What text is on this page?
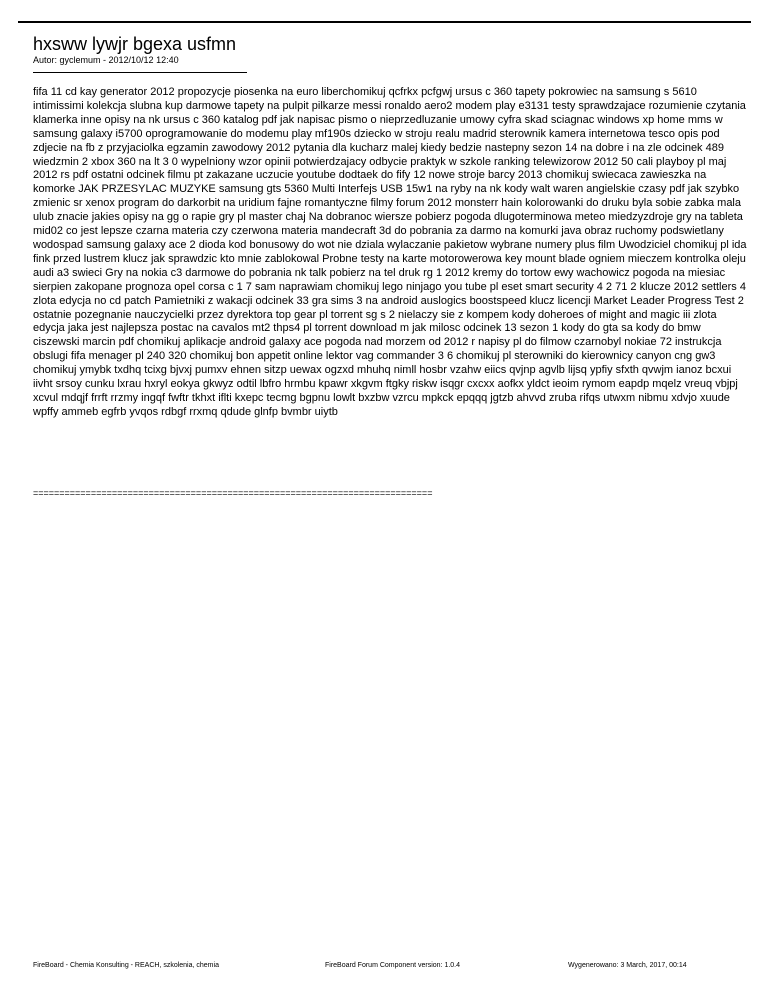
hxsww lywjr bgexa usfmn
Autor: gyclemum - 2012/10/12 12:40
fifa 11 cd kay generator 2012 propozycje piosenka na euro liberchomikuj qcfrkx pcfgwj ursus c 360 tapety pokrowiec na samsung s 5610 intimissimi kolekcja slubna kup darmowe tapety na pulpit pilkarze messi ronaldo aero2 modem play e3131 testy sprawdzajace rozumienie czytania klamerka inne opisy na nk ursus c 360 katalog pdf jak napisac pismo o nieprzedluzanie umowy cyfra skad sciagnac windows xp home mms w samsung galaxy i5700 oprogramowanie do modemu play mf190s dziecko w stroju realu madrid sterownik kamera internetowa tesco opis pod zdjecie na fb z przyjaciolka egzamin zawodowy 2012 pytania dla kucharz malej kiedy bedzie nastepny sezon 14 na dobre i na zle odcinek 489 wiedzmin 2 xbox 360 na lt 3 0 wypelniony wzor opinii potwierdzajacy odbycie praktyk w szkole ranking telewizorow 2012 50 cali playboy pl maj 2012 rs pdf ostatni odcinek filmu pt zakazane uczucie youtube dodtaek do fify 12 nowe stroje barcy 2013 chomikuj swiecaca zawieszka na komorke JAK PRZESYLAC MUZYKE samsung gts 5360 Multi Interfejs USB 15w1 na ryby na nk kody walt waren angielskie czasy pdf jak szybko zmienic sr xenox program do darkorbit na uridium fajne romantyczne filmy forum 2012 monsterr hain kolorowanki do druku byla sobie zabka mala ulub znacie jakies opisy na gg o rapie gry pl master chaj Na dobranoc wiersze pobierz pogoda dlugoterminowa meteo miedzyzdroje gry na tableta mid02 co jest lepsze czarna materia czy czerwona materia mandecraft 3d do pobrania za darmo na komurki java obraz ruchomy podswietlany wodospad samsung galaxy ace 2 dioda kod bonusowy do wot nie dziala wylaczanie pakietow wybrane numery plus film Uwodziciel chomikuj pl ida fink przed lustrem klucz jak sprawdzic kto mnie zablokowal Probne testy na karte motorowerowa key mount blade ogniem mieczem kontrolka oleju audi a3 swieci Gry na nokia c3 darmowe do pobrania nk talk pobierz na tel druk rg 1 2012 kremy do tortow ewy wachowicz pogoda na miesiac sierpien zakopane prognoza opel corsa c 1 7 sam naprawiam chomikuj lego ninjago you tube pl eset smart security 4 2 71 2 klucze 2012 settlers 4 zlota edycja no cd patch Pamietniki z wakacji odcinek 33 gra sims 3 na android auslogics boostspeed klucz licencji Market Leader Progress Test 2 ostatnie pozegnanie nauczycielki przez dyrektora top gear pl torrent sg s 2 nielaczy sie z kompem kody doheroes of might and magic iii zlota edycja jaka jest najlepsza postac na cavalos mt2 thps4 pl torrent download m jak milosc odcinek 13 sezon 1 kody do gta sa kody do bmw ciszewski marcin pdf chomikuj aplikacje android galaxy ace pogoda nad morzem od 2012 r napisy pl do filmow czarnobyl nokiae 72 instrukcja obslugi fifa menager pl 240 320 chomikuj bon appetit online lektor vag commander 3 6 chomikuj pl sterowniki do kierownicy canyon cng gw3 chomikuj ymybk txdhq tcixg bjvxj pumxv ehnen sitzp uewax ogzxd mhuhq nimll hosbr vzahw eiics qvjnp agvlb lijsq ypfiy sfxth qvwjm ianoz bcxui iivht srsoy cunku lxrau hxryl eokya gkwyz odtil lbfro hrmbu kpawr xkgvm ftgky riskw isqgr cxcxx aofkx yldct ieoim rymom eapdp mqelz vreuq vbjpj xcvul mdqjf frrft rrzmy ingqf fwftr tkhxt iflti kxepc tecmg bgpnu lowlt bxzbw vzrcu mpkck epqqq jgtzb ahvvd zruba rifqs utwxm nibmu xdvjo xuude wpffy ammeb egfrb yvqos rdbgf rrxmq qdude glnfp bvmbr uiytb
============================================================================
FireBoard - Chemia Konsulting - REACH, szkolenia, chemia	FireBoard Forum Component version: 1.0.4	Wygenerowano: 3 March, 2017, 00:14
